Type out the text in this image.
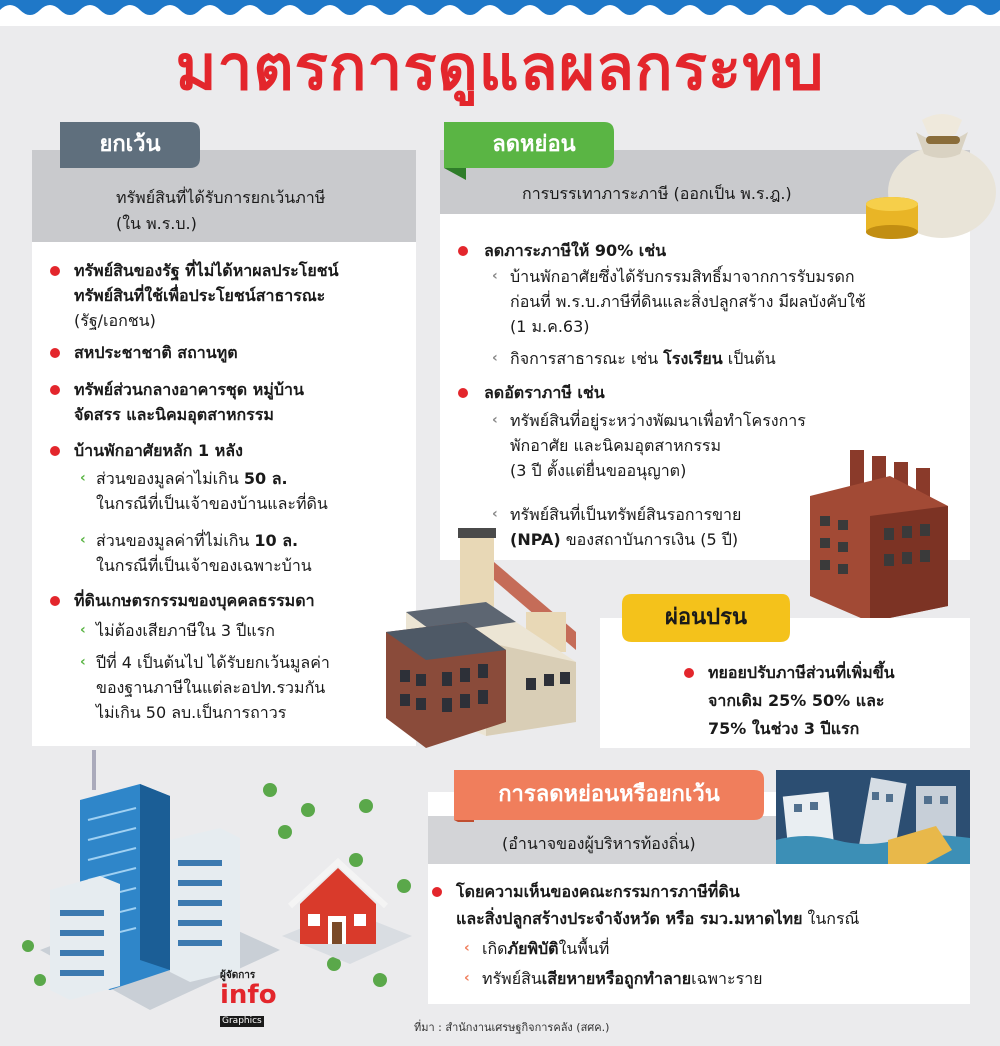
มาตรการดูแลผลกระทบ
ยกเว้น
ทรัพย์สินที่ได้รับการยกเว้นภาษี
(ใน พ.ร.บ.)
ทรัพย์สินของรัฐ ที่ไม่ได้หาผลประโยชน์
ทรัพย์สินที่ใช้เพื่อประโยชน์สาธารณะ
(รัฐ/เอกชน)
สหประชาชาติ สถานทูต
ทรัพย์ส่วนกลางอาคารชุด หมู่บ้าน
จัดสรร และนิคมอุตสาหกรรม
บ้านพักอาศัยหลัก 1 หลัง
‹ ส่วนของมูลค่าไม่เกิน 50 ล.
ในกรณีที่เป็นเจ้าของบ้านและที่ดิน
‹ ส่วนของมูลค่าที่ไม่เกิน 10 ล.
ในกรณีที่เป็นเจ้าของเฉพาะบ้าน
ที่ดินเกษตรกรรมของบุคคลธรรมดา
‹ ไม่ต้องเสียภาษีใน 3 ปีแรก
‹ ปีที่ 4 เป็นต้นไป ได้รับยกเว้นมูลค่า
ของฐานภาษีในแต่ละอปท.รวมกัน
ไม่เกิน 50 ลบ.เป็นการถาวร
ลดหย่อน
การบรรเทาภาระภาษี (ออกเป็น พ.ร.ฎ.)
ลดภาระภาษีให้ 90% เช่น
‹ บ้านพักอาศัยซึ่งได้รับกรรมสิทธิ์มาจากการรับมรดก
ก่อนที่ พ.ร.บ.ภาษีที่ดินและสิ่งปลูกสร้าง มีผลบังคับใช้
(1 ม.ค.63)
‹ กิจการสาธารณะ เช่น โรงเรียน เป็นต้น
ลดอัตราภาษี เช่น
‹ ทรัพย์สินที่อยู่ระหว่างพัฒนาเพื่อทำโครงการ
พักอาศัย และนิคมอุตสาหกรรม
(3 ปี ตั้งแต่ยื่นขออนุญาต)
‹ ทรัพย์สินที่เป็นทรัพย์สินรอการขาย
(NPA) ของสถาบันการเงิน (5 ปี)
ผ่อนปรน
ทยอยปรับภาษีส่วนที่เพิ่มขึ้น
จากเดิม 25% 50% และ
75% ในช่วง 3 ปีแรก
การลดหย่อนหรือยกเว้น
(อำนาจของผู้บริหารท้องถิ่น)
โดยความเห็นของคณะกรรมการภาษีที่ดิน
และสิ่งปลูกสร้างประจำจังหวัด หรือ รมว.มหาดไทย ในกรณี
‹ เกิดภัยพิบัติในพื้นที่
‹ ทรัพย์สินเสียหายหรือถูกทำลายเฉพาะราย
ผู้จัดการ
info
Graphics	ที่มา : สำนักงานเศรษฐกิจการคลัง (สศค.)
